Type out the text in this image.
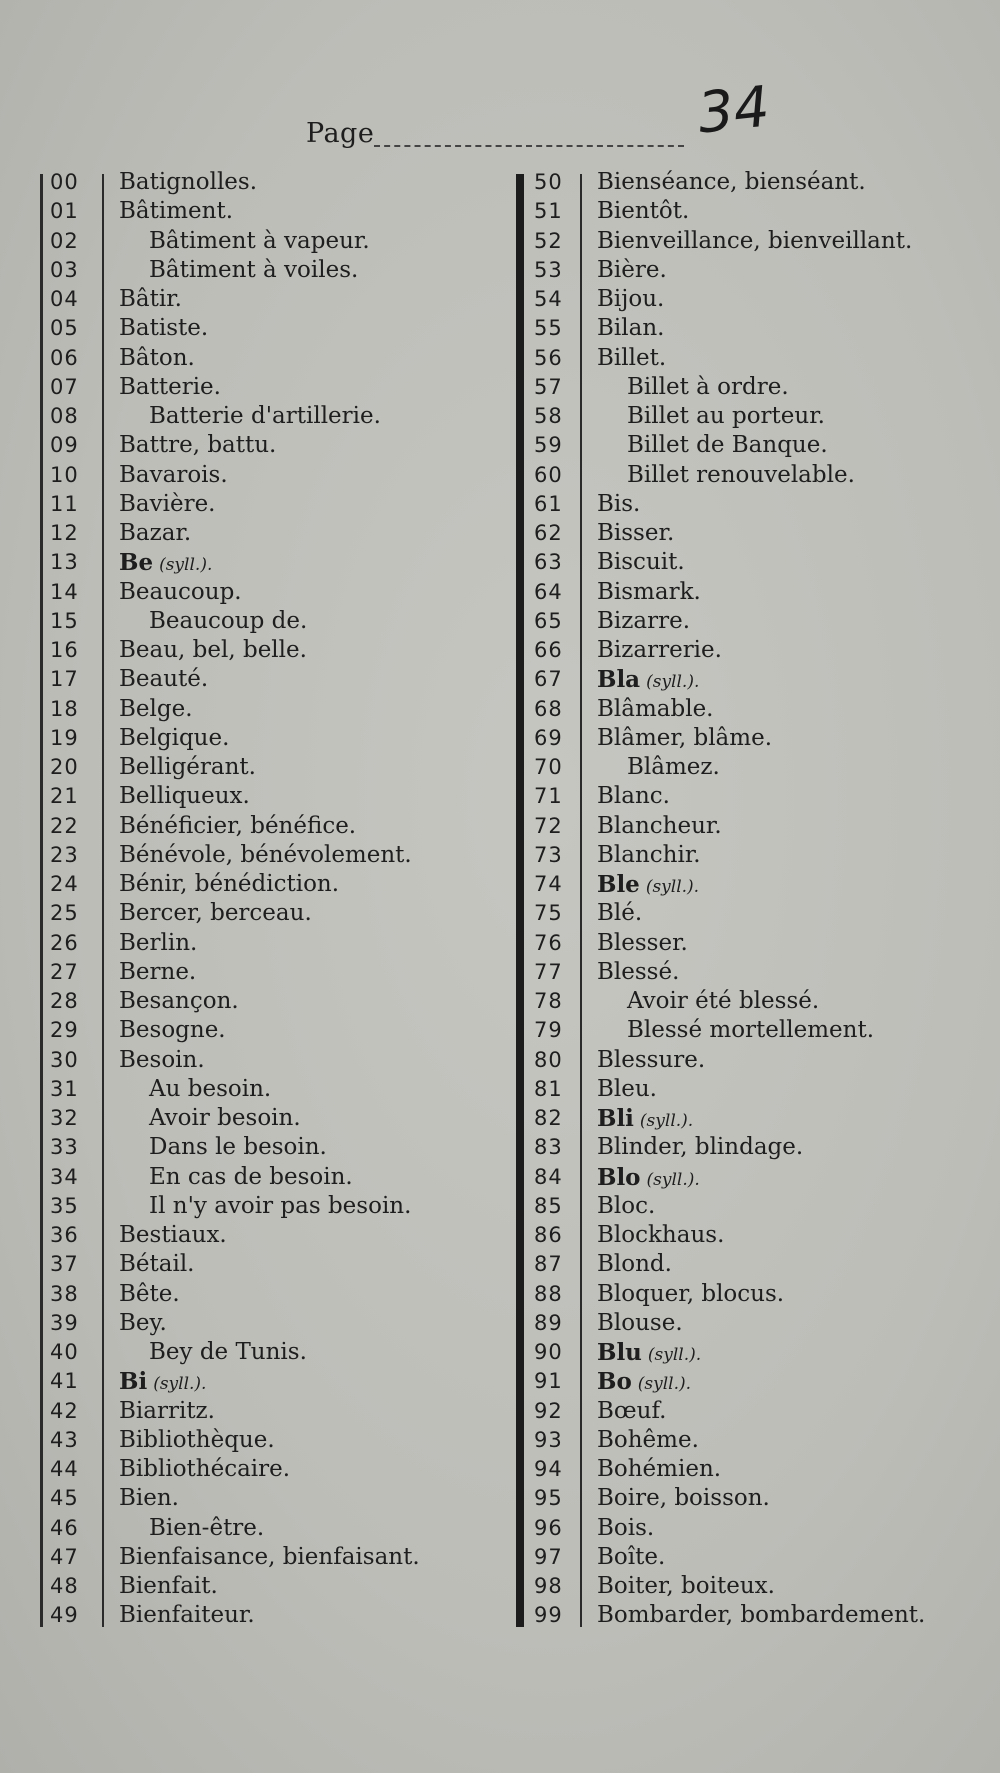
Page	34
00	Batignolles.
01	Bâtiment.
02	Bâtiment à vapeur.
03	Bâtiment à voiles.
04	Bâtir.
05	Batiste.
06	Bâton.
07	Batterie.
08	Batterie d'artillerie.
09	Battre, battu.
10	Bavarois.
11	Bavière.
12	Bazar.
13	Be (syll.).
14	Beaucoup.
15	Beaucoup de.
16	Beau, bel, belle.
17	Beauté.
18	Belge.
19	Belgique.
20	Belligérant.
21	Belliqueux.
22	Bénéficier, bénéfice.
23	Bénévole, bénévolement.
24	Bénir, bénédiction.
25	Bercer, berceau.
26	Berlin.
27	Berne.
28	Besançon.
29	Besogne.
30	Besoin.
31	Au besoin.
32	Avoir besoin.
33	Dans le besoin.
34	En cas de besoin.
35	Il n'y avoir pas besoin.
36	Bestiaux.
37	Bétail.
38	Bête.
39	Bey.
40	Bey de Tunis.
41	Bi (syll.).
42	Biarritz.
43	Bibliothèque.
44	Bibliothécaire.
45	Bien.
46	Bien-être.
47	Bienfaisance, bienfaisant.
48	Bienfait.
49	Bienfaiteur.
50	Bienséance, bienséant.
51	Bientôt.
52	Bienveillance, bienveillant.
53	Bière.
54	Bijou.
55	Bilan.
56	Billet.
57	Billet à ordre.
58	Billet au porteur.
59	Billet de Banque.
60	Billet renouvelable.
61	Bis.
62	Bisser.
63	Biscuit.
64	Bismark.
65	Bizarre.
66	Bizarrerie.
67	Bla (syll.).
68	Blâmable.
69	Blâmer, blâme.
70	Blâmez.
71	Blanc.
72	Blancheur.
73	Blanchir.
74	Ble (syll.).
75	Blé.
76	Blesser.
77	Blessé.
78	Avoir été blessé.
79	Blessé mortellement.
80	Blessure.
81	Bleu.
82	Bli (syll.).
83	Blinder, blindage.
84	Blo (syll.).
85	Bloc.
86	Blockhaus.
87	Blond.
88	Bloquer, blocus.
89	Blouse.
90	Blu (syll.).
91	Bo (syll.).
92	Bœuf.
93	Bohême.
94	Bohémien.
95	Boire, boisson.
96	Bois.
97	Boîte.
98	Boiter, boiteux.
99	Bombarder, bombardement.
